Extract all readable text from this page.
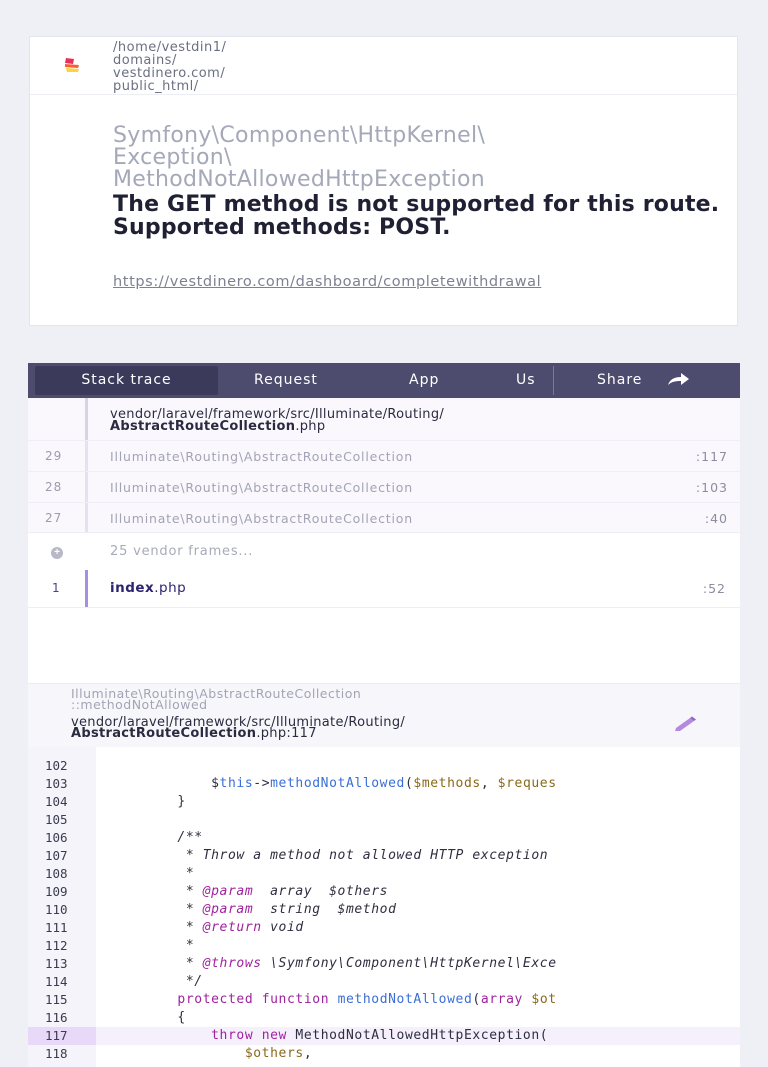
/home/vestdin1/
domains/
vestdinero.com/
public_html/
Symfony\Component\HttpKernel\
Exception\
MethodNotAllowedHttpException
The GET method is not supported for this route. Supported methods: POST.
https://vestdinero.com/dashboard/completewithdrawal
Stack trace	Request	App	Us	Share
vendor/laravel/framework/src/Illuminate/Routing/
AbstractRouteCollection.php
29	Illuminate\Routing\AbstractRouteCollection	:117
28	Illuminate\Routing\AbstractRouteCollection	:103
27	Illuminate\Routing\AbstractRouteCollection	:40
+	25 vendor frames...
1	index.php	:52
Illuminate\Routing\AbstractRouteCollection
::methodNotAllowed
vendor/laravel/framework/src/Illuminate/Routing/
AbstractRouteCollection.php:117
102
103	$this->methodNotAllowed($methods, $reques
104	}
105
106	/**
107	* Throw a method not allowed HTTP exception
108	*
109	* @param  array  $others
110	* @param  string  $method
111	* @return void
112	*
113	* @throws \Symfony\Component\HttpKernel\Exce
114	*/
115	protected function methodNotAllowed(array $ot
116	{
117	throw new MethodNotAllowedHttpException(
118	$others,
